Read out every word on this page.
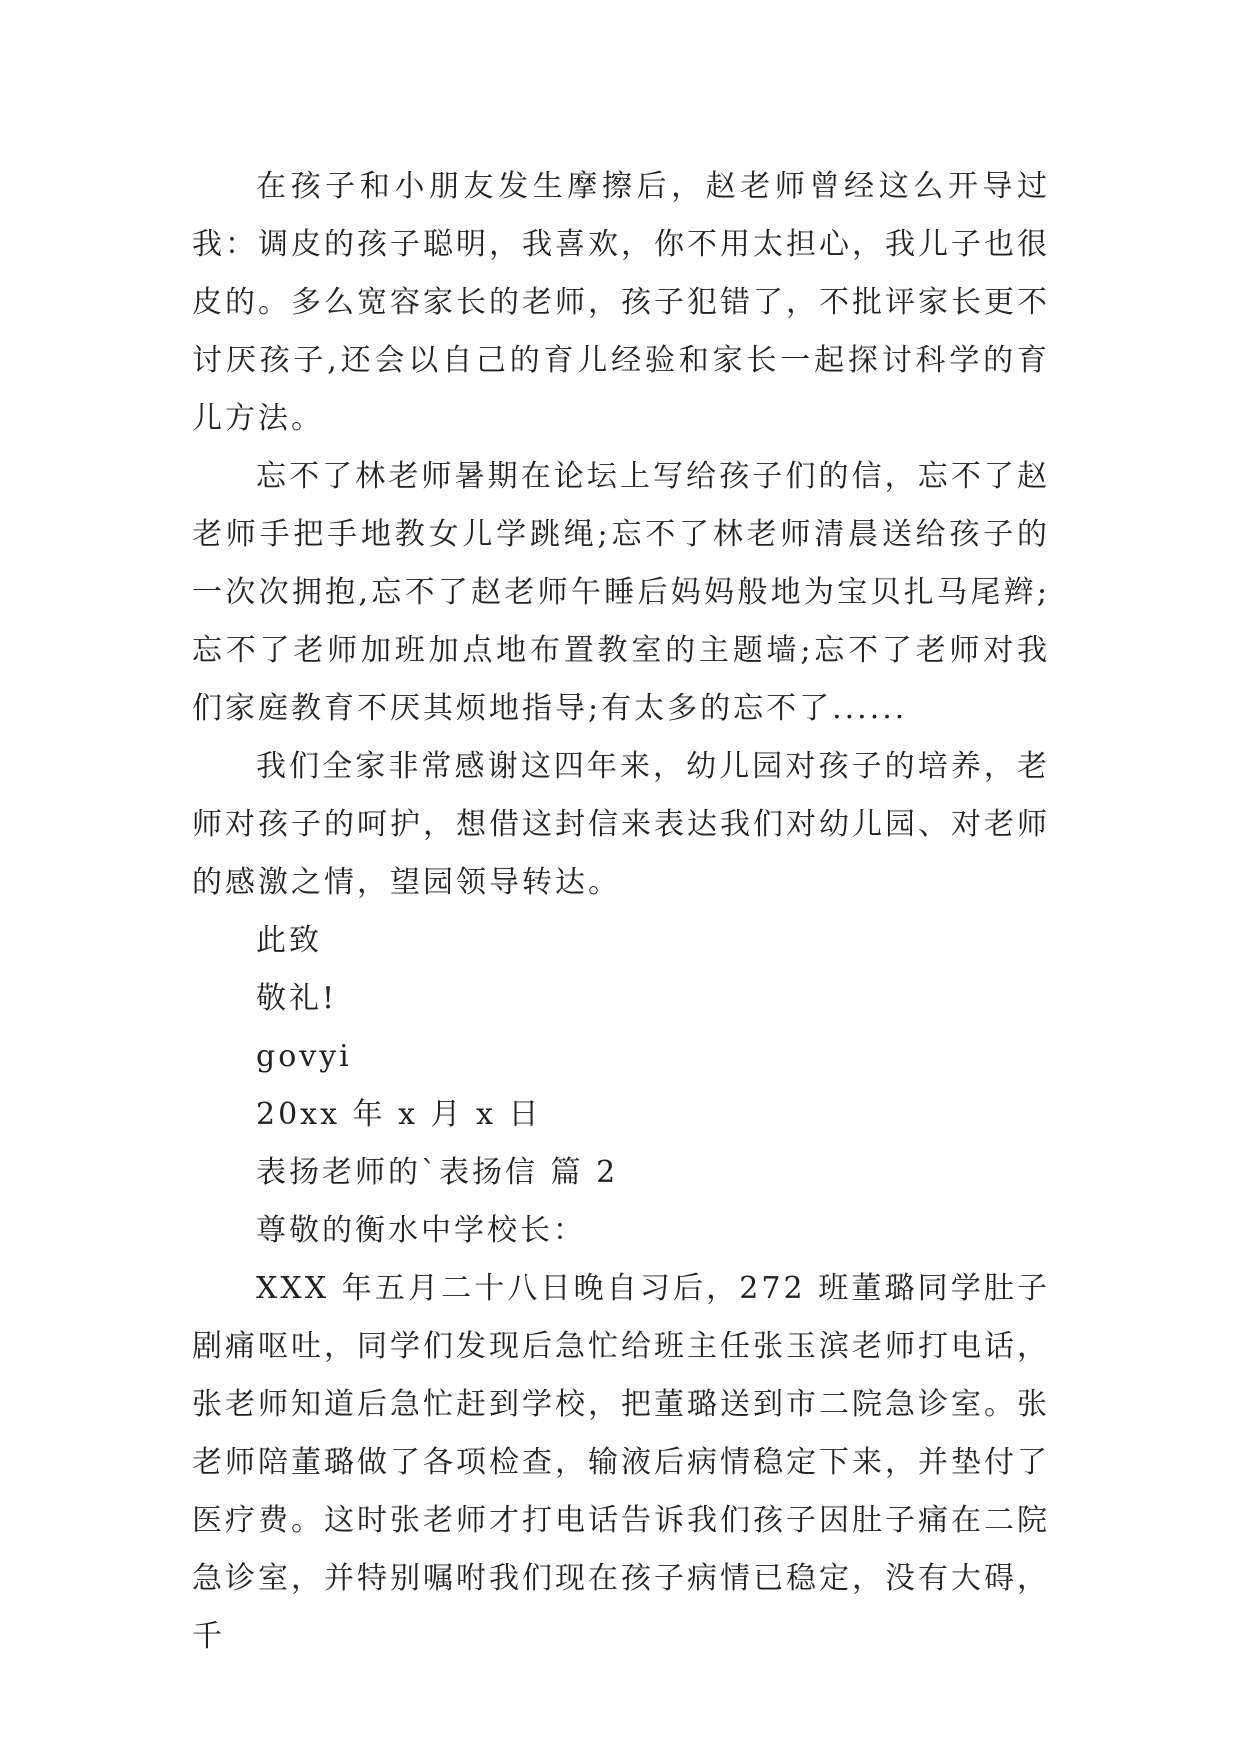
在孩子和小朋友发生摩擦后，赵老师曾经这么开导过我：调皮的孩子聪明，我喜欢，你不用太担心，我儿子也很皮的。多么宽容家长的老师，孩子犯错了，不批评家长更不讨厌孩子,还会以自己的育儿经验和家长一起探讨科学的育儿方法。

忘不了林老师暑期在论坛上写给孩子们的信，忘不了赵老师手把手地教女儿学跳绳;忘不了林老师清晨送给孩子的一次次拥抱,忘不了赵老师午睡后妈妈般地为宝贝扎马尾辫;忘不了老师加班加点地布置教室的主题墙;忘不了老师对我们家庭教育不厌其烦地指导;有太多的忘不了......

我们全家非常感谢这四年来，幼儿园对孩子的培养，老师对孩子的呵护，想借这封信来表达我们对幼儿园、对老师的感激之情，望园领导转达。

此致

敬礼!

govyi

20xx 年 x 月 x 日

表扬老师的`表扬信 篇 2

尊敬的衡水中学校长：

XXX 年五月二十八日晚自习后，272 班董璐同学肚子剧痛呕吐，同学们发现后急忙给班主任张玉滨老师打电话，张老师知道后急忙赶到学校，把董璐送到市二院急诊室。张老师陪董璐做了各项检查，输液后病情稳定下来，并垫付了医疗费。这时张老师才打电话告诉我们孩子因肚子痛在二院急诊室，并特别嘱咐我们现在孩子病情已稳定，没有大碍，千
